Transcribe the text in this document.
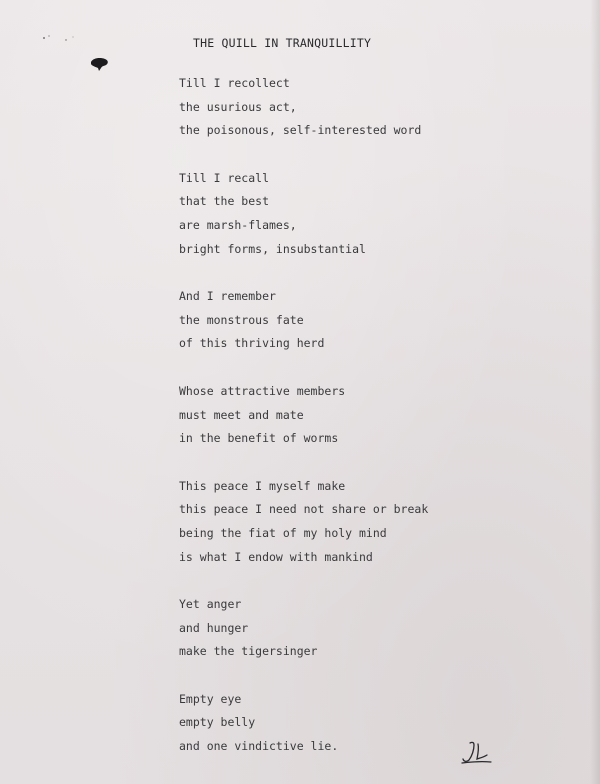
THE QUILL IN TRANQUILLITY
Till I recollect
the usurious act,
the poisonous, self-interested word
Till I recall
that the best
are marsh-flames,
bright forms, insubstantial
And I remember
the monstrous fate
of this thriving herd
Whose attractive members
must meet and mate
in the benefit of worms
This peace I myself make
this peace I need not share or break
being the fiat of my holy mind
is what I endow with mankind
Yet anger
and hunger
make the tigersinger
Empty eye
empty belly
and one vindictive lie.
